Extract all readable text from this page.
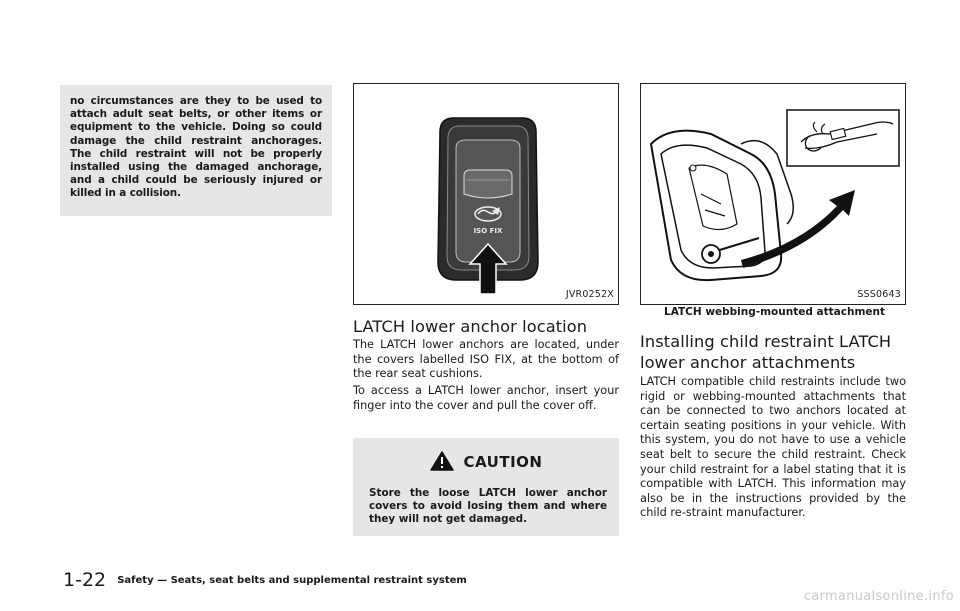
no circumstances are they to be used to attach adult seat belts, or other items or equipment to the vehicle. Doing so could damage the child restraint anchorages. The child restraint will not be properly installed using the damaged anchorage, and a child could be seriously injured or killed in a collision.

ISO FIX
JVR0252X
LATCH lower anchor location

The LATCH lower anchors are located, under the covers labelled ISO FIX, at the bottom of the rear seat cushions.

To access a LATCH lower anchor, insert your finger into the cover and pull the cover off.

CAUTION

Store the loose LATCH lower anchor covers to avoid losing them and where they will not get damaged.

SSS0643
LATCH webbing-mounted attachment
Installing child restraint LATCH
lower anchor attachments

LATCH compatible child restraints include two rigid or webbing-mounted attachments that can be connected to two anchors located at certain seating positions in your vehicle. With this system, you do not have to use a vehicle seat belt to secure the child restraint. Check your child restraint for a label stating that it is compatible with LATCH. This information may also be in the instructions provided by the child re-straint manufacturer.

1-22 Safety — Seats, seat belts and supplemental restraint system
carmanualsonline.info
